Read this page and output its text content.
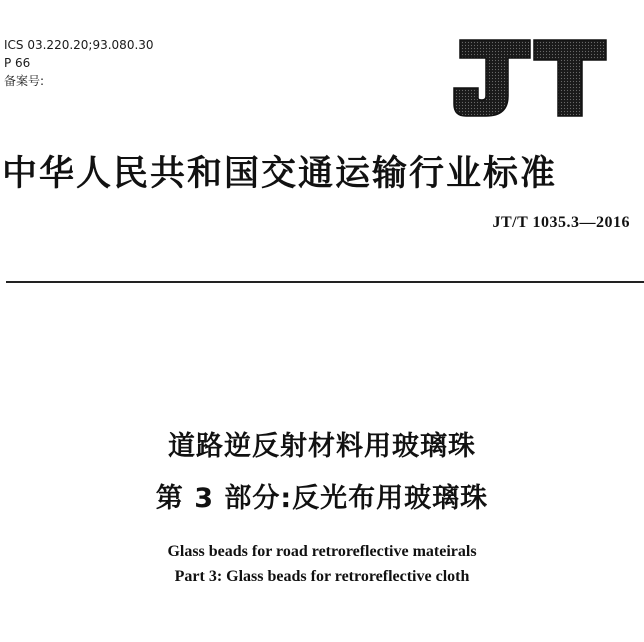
ICS 03.220.20;93.080.30
P 66
备案号:
中华人民共和国交通运输行业标准
JT/T 1035.3—2016
道路逆反射材料用玻璃珠
第 3 部分:反光布用玻璃珠
Glass beads for road retroreflective mateirals
Part 3: Glass beads for retroreflective cloth
